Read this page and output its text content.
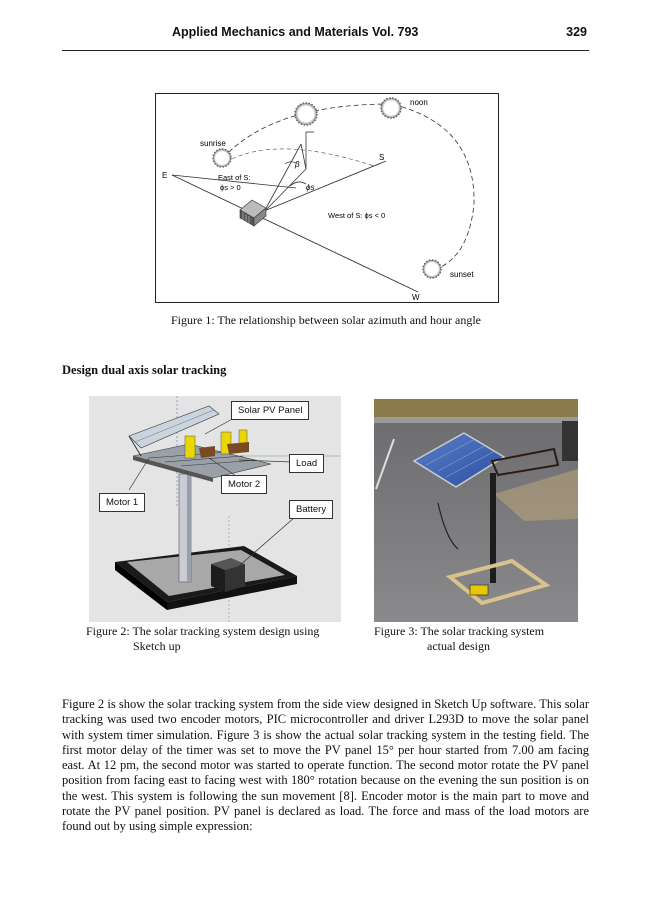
Applied Mechanics and Materials Vol. 793	329
noon
sunrise
sunset
E
S
W
β
ϕs
East of S:
ϕs > 0
West of S: ϕs < 0
Figure 1: The relationship between solar azimuth and hour angle
Design dual axis solar tracking
Solar PV Panel
Load
Motor 2
Motor 1
Battery
Figure 2: The solar tracking system design using
Sketch up
Figure 3: The solar tracking system
actual design
Figure 2 is show the solar tracking system from the side view designed in Sketch Up software. This solar tracking was used two encoder motors, PIC microcontroller and driver L293D to move the solar panel with system timer simulation. Figure 3 is show the actual solar tracking system in the testing field. The first motor delay of the timer was set to move the PV panel 15° per hour started from 7.00 am facing east. At 12 pm, the second motor was started to operate function. The second motor rotate the PV panel position from facing east to facing west with 180° rotation because on the evening the sun position is on the west. This system is following the sun movement [8]. Encoder motor is the main part to move and rotate the PV panel position. PV panel is declared as load. The force and mass of the load motors are found out by using simple expression:
